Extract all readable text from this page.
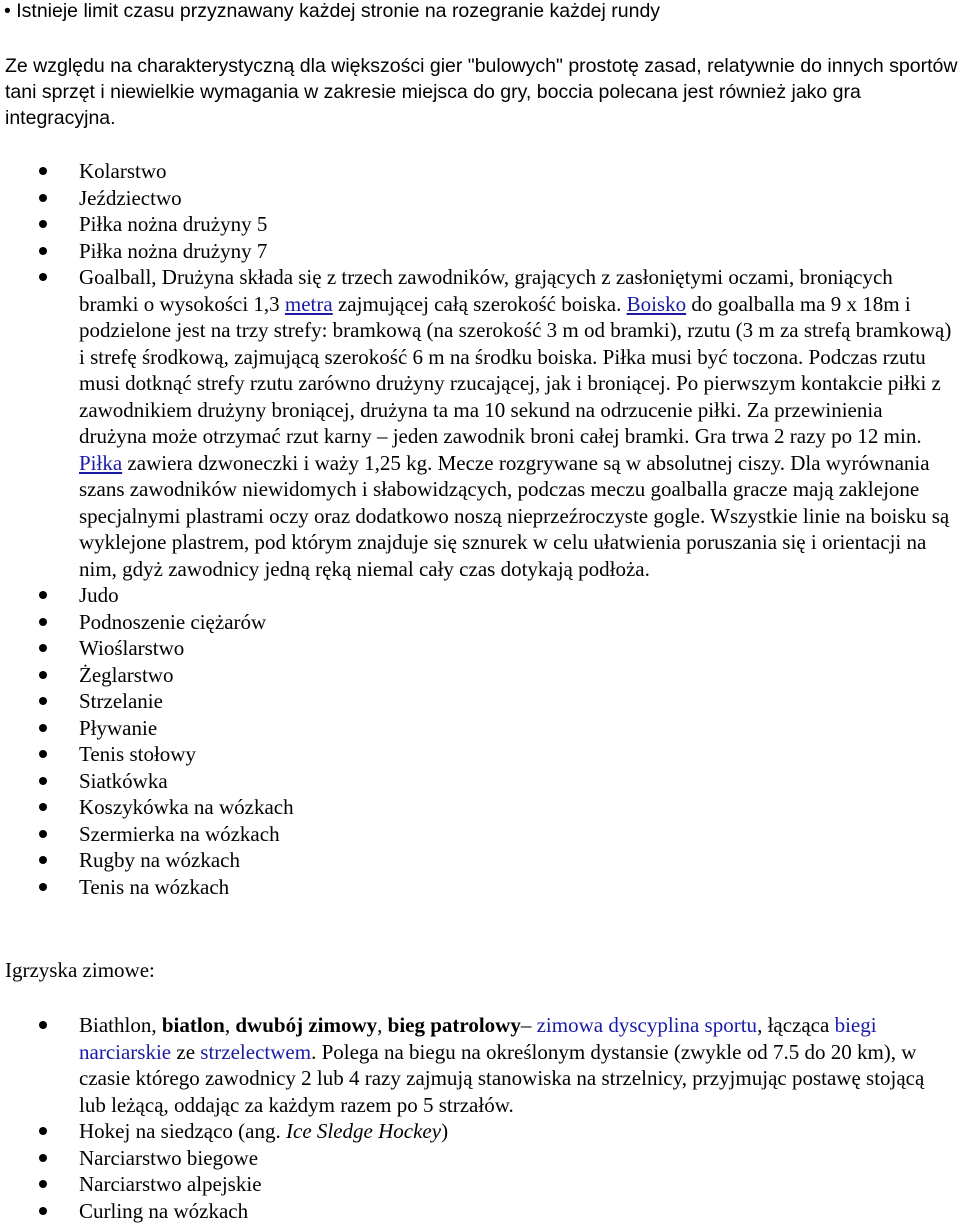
• Istnieje limit czasu przyznawany każdej stronie na rozegranie każdej rundy

Ze względu na charakterystyczną dla większości gier "bulowych" prostotę zasad, relatywnie do innych sportów tani sprzęt i niewielkie wymagania w zakresie miejsca do gry, boccia polecana jest również jako gra integracyjna.

Kolarstwo
Jeździectwo
Piłka nożna drużyny 5
Piłka nożna drużyny 7
Goalball, Drużyna składa się z trzech zawodników, grających z zasłoniętymi oczami, broniących bramki o wysokości 1,3 metra zajmującej całą szerokość boiska. Boisko do goalballa ma 9 x 18m i podzielone jest na trzy strefy: bramkową (na szerokość 3 m od bramki), rzutu (3 m za strefą bramkową) i strefę środkową, zajmującą szerokość 6 m na środku boiska. Piłka musi być toczona. Podczas rzutu musi dotknąć strefy rzutu zarówno drużyny rzucającej, jak i broniącej. Po pierwszym kontakcie piłki z zawodnikiem drużyny broniącej, drużyna ta ma 10 sekund na odrzucenie piłki. Za przewinienia drużyna może otrzymać rzut karny – jeden zawodnik broni całej bramki. Gra trwa 2 razy po 12 min. Piłka zawiera dzwoneczki i waży 1,25 kg. Mecze rozgrywane są w absolutnej ciszy. Dla wyrównania szans zawodników niewidomych i słabowidzących, podczas meczu goalballa gracze mają zaklejone specjalnymi plastrami oczy oraz dodatkowo noszą nieprzeźroczyste gogle. Wszystkie linie na boisku są wyklejone plastrem, pod którym znajduje się sznurek w celu ułatwienia poruszania się i orientacji na nim, gdyż zawodnicy jedną ręką niemal cały czas dotykają podłoża.
Judo
Podnoszenie ciężarów
Wioślarstwo
Żeglarstwo
Strzelanie
Pływanie
Tenis stołowy
Siatkówka
Koszykówka na wózkach
Szermierka na wózkach
Rugby na wózkach
Tenis na wózkach
Igrzyska zimowe:
Biathlon, biatlon, dwubój zimowy, bieg patrolowy– zimowa dyscyplina sportu, łącząca biegi narciarskie ze strzelectwem. Polega na biegu na określonym dystansie (zwykle od 7.5 do 20 km), w czasie którego zawodnicy 2 lub 4 razy zajmują stanowiska na strzelnicy, przyjmując postawę stojącą lub leżącą, oddając za każdym razem po 5 strzałów.
Hokej na siedząco (ang. Ice Sledge Hockey)
Narciarstwo biegowe
Narciarstwo alpejskie
Curling na wózkach
